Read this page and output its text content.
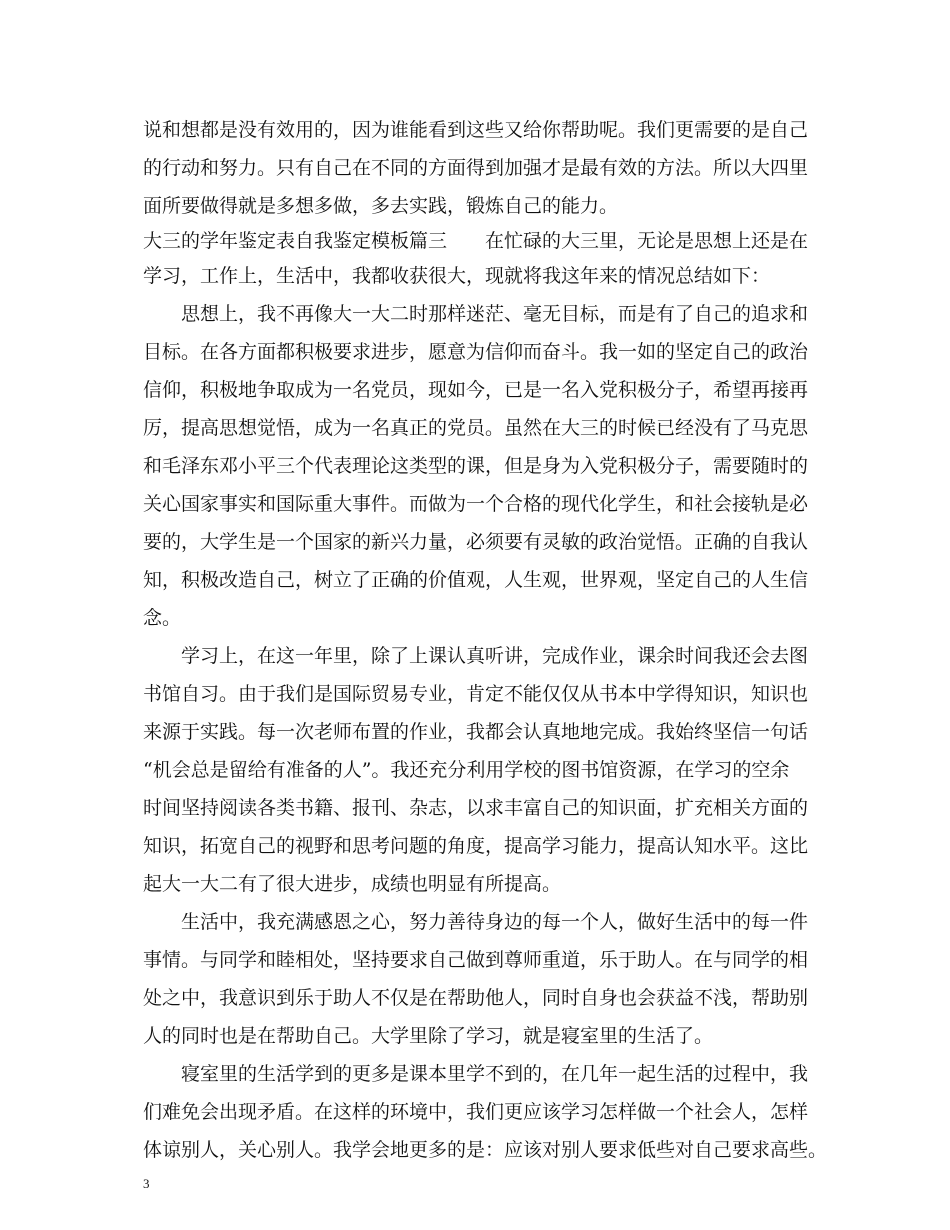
说和想都是没有效用的，因为谁能看到这些又给你帮助呢。我们更需要的是自己

的行动和努力。只有自己在不同的方面得到加强才是最有效的方法。所以大四里

面所要做得就是多想多做，多去实践，锻炼自己的能力。

大三的学年鉴定表自我鉴定模板篇三　　在忙碌的大三里，无论是思想上还是在

学习，工作上，生活中，我都收获很大，现就将我这年来的情况总结如下：

　　思想上，我不再像大一大二时那样迷茫、毫无目标，而是有了自己的追求和

目标。在各方面都积极要求进步，愿意为信仰而奋斗。我一如的坚定自己的政治

信仰，积极地争取成为一名党员，现如今，已是一名入党积极分子，希望再接再

厉，提高思想觉悟，成为一名真正的党员。虽然在大三的时候已经没有了马克思

和毛泽东邓小平三个代表理论这类型的课，但是身为入党积极分子，需要随时的

关心国家事实和国际重大事件。而做为一个合格的现代化学生，和社会接轨是必

要的，大学生是一个国家的新兴力量，必须要有灵敏的政治觉悟。正确的自我认

知，积极改造自己，树立了正确的价值观，人生观，世界观，坚定自己的人生信

念。

　　学习上，在这一年里，除了上课认真听讲，完成作业，课余时间我还会去图

书馆自习。由于我们是国际贸易专业，肯定不能仅仅从书本中学得知识，知识也

来源于实践。每一次老师布置的作业，我都会认真地地完成。我始终坚信一句话

“机会总是留给有准备的人”。我还充分利用学校的图书馆资源，在学习的空余

时间坚持阅读各类书籍、报刊、杂志，以求丰富自己的知识面，扩充相关方面的

知识，拓宽自己的视野和思考问题的角度，提高学习能力，提高认知水平。这比

起大一大二有了很大进步，成绩也明显有所提高。

　　生活中，我充满感恩之心，努力善待身边的每一个人，做好生活中的每一件

事情。与同学和睦相处，坚持要求自己做到尊师重道，乐于助人。在与同学的相

处之中，我意识到乐于助人不仅是在帮助他人，同时自身也会获益不浅，帮助别

人的同时也是在帮助自己。大学里除了学习，就是寝室里的生活了。

　　寝室里的生活学到的更多是课本里学不到的，在几年一起生活的过程中，我

们难免会出现矛盾。在这样的环境中，我们更应该学习怎样做一个社会人，怎样

体谅别人，关心别人。我学会地更多的是：应该对别人要求低些对自己要求高些。

3
